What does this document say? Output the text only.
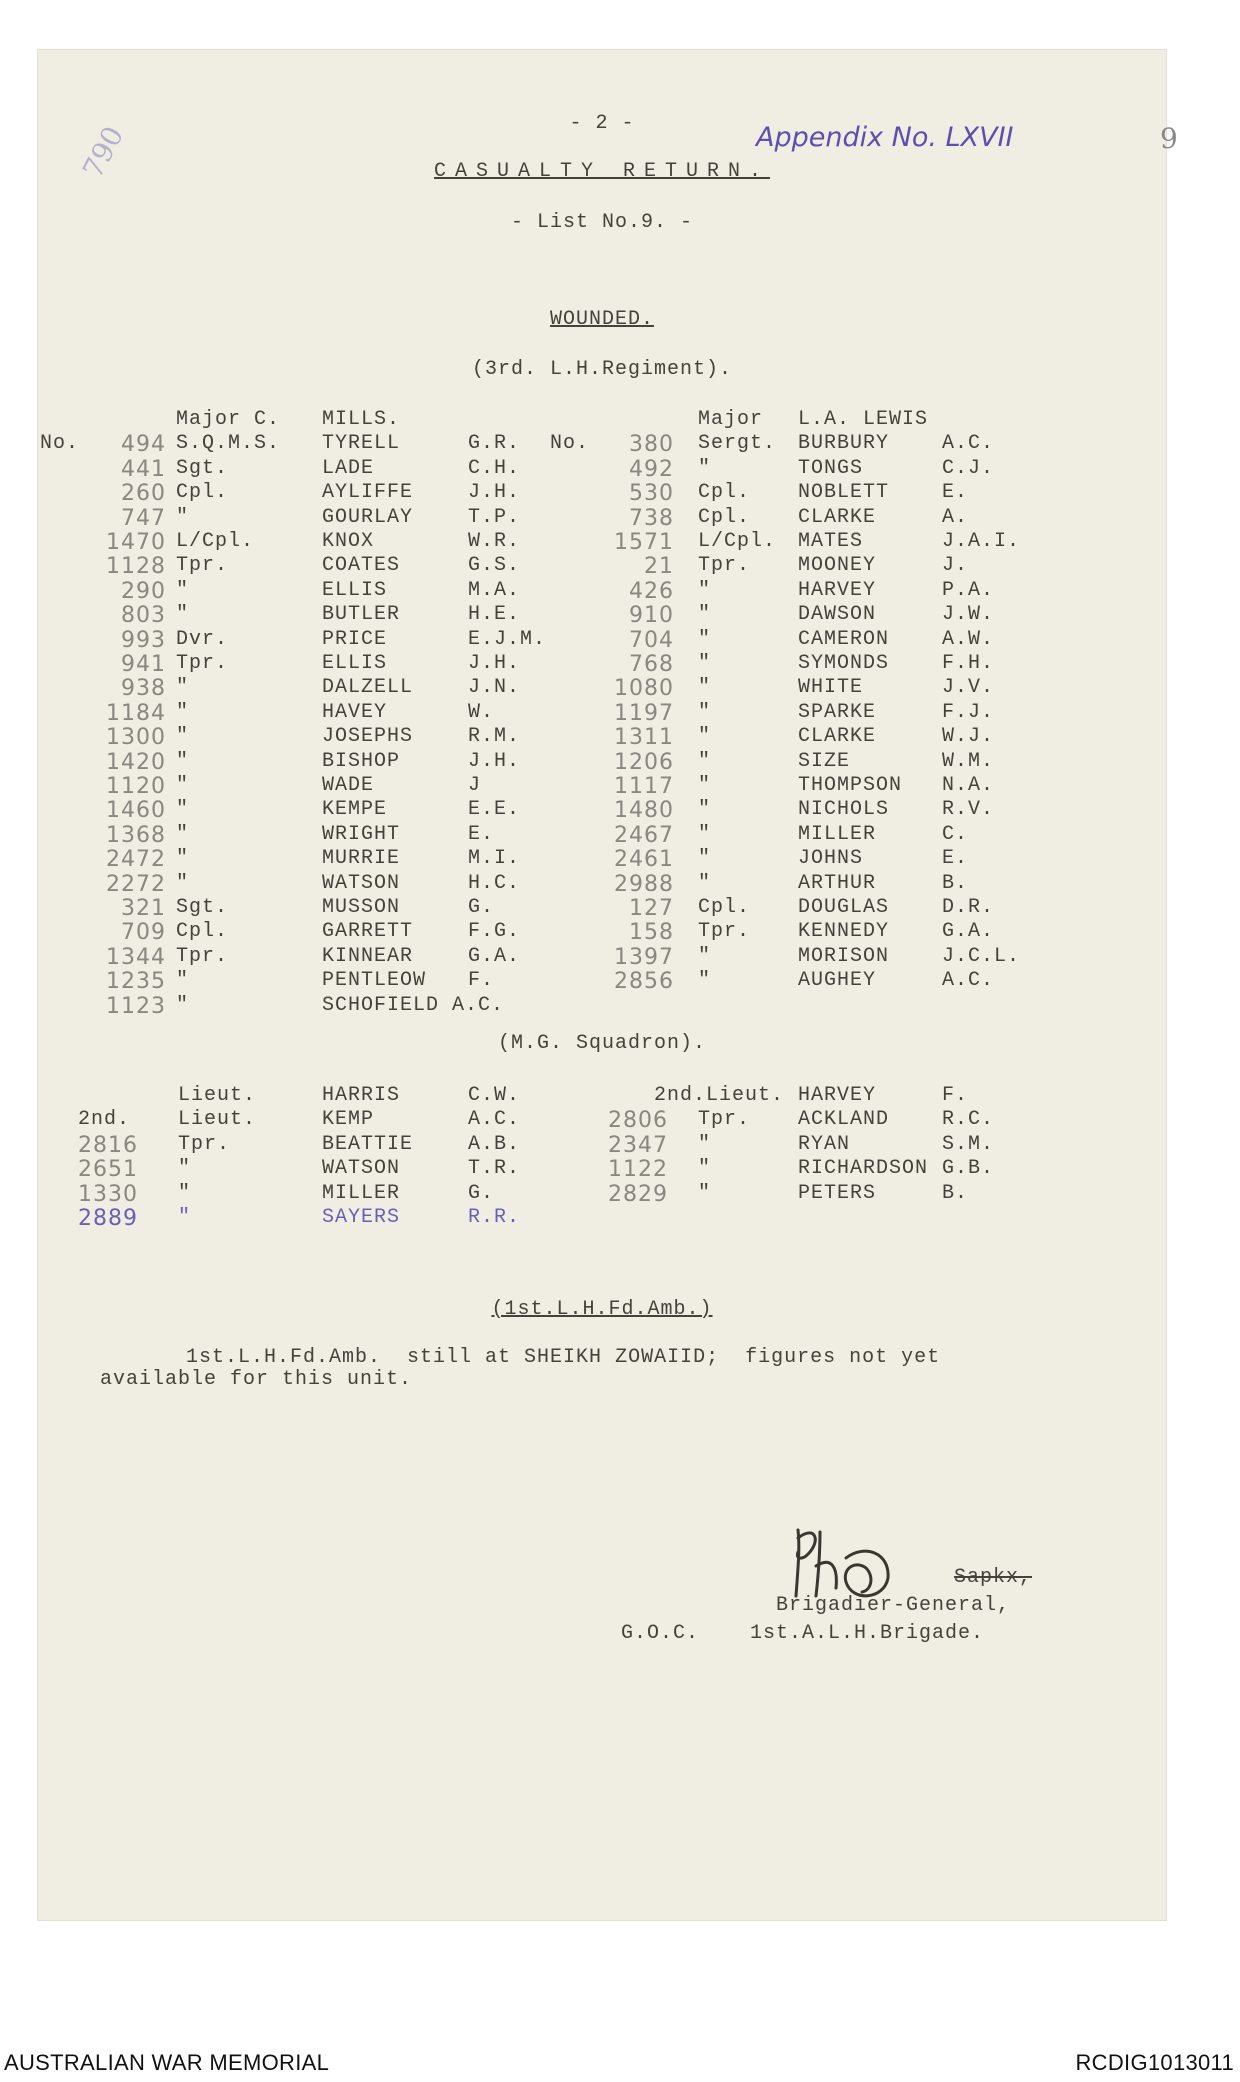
Appendix No. LXVII	9
790	- 2 -
CASUALTY RETURN.
- List No.9. -
WOUNDED.
(3rd. L.H.Regiment).
Major C. MILLS.	Major L.A. LEWIS
No.	No.
494 S.Q.M.S. TYRELL	G.R.	380 Sergt. BURBURY	A.C.
441 Sgt.	LADE	C.H.	492 "	TONGS	C.J.
260 Cpl.	AYLIFFE	J.H.	530 Cpl. NOBLETT	E.
747 "	GOURLAY	T.P.	738 Cpl. CLARKE	A.
1470 L/Cpl.	KNOX	W.R.	1571 L/Cpl. MATES	J.A.I.
1128 Tpr.	COATES	G.S.	21 Tpr. MOONEY	J.
290 "	ELLIS	M.A.	426 "	HARVEY	P.A.
803 "	BUTLER	H.E.	910 "	DAWSON	J.W.
993 Dvr.	PRICE	E.J.M.	704 "	CAMERON	A.W.
941 Tpr.	ELLIS	J.H.	768 "	SYMONDS	F.H.
938 "	DALZELL	J.N.	1080 "	WHITE	J.V.
1184 "	HAVEY	W.	1197 "	SPARKE	F.J.
1300 "	JOSEPHS	R.M.	1311 "	CLARKE	W.J.
1420 "	BISHOP	J.H.	1206 "	SIZE	W.M.
1120 "	WADE	J	1117 "	THOMPSON N.A.
1460 "	KEMPE	E.E.	1480 "	NICHOLS	R.V.
1368 "	WRIGHT	E.	2467 "	MILLER	C.
2472 "	MURRIE	M.I.	2461 "	JOHNS	E.
2272 "	WATSON	H.C.	2988 "	ARTHUR	B.
321 Sgt.	MUSSON	G.	127 Cpl. DOUGLAS	D.R.
709 Cpl.	GARRETT	F.G.	158 Tpr. KENNEDY	G.A.
1344 Tpr.	KINNEAR	G.A.	1397 "	MORISON	J.C.L.
1235 "	PENTLEOW F.	2856 "	AUGHEY	A.C.
1123 "	SCHOFIELD A.C.
(M.G. Squadron).
Lieut.	HARRIS	C.W.	2nd.Lieut. HARVEY	F.
2nd.	Lieut.	KEMP	A.C.	2806 Tpr. ACKLAND	R.C.
2816	Tpr.	BEATTIE	A.B.	2347 "	RYAN	S.M.
2651	"	WATSON	T.R.	1122 "	RICHARDSON G.B.
1330	"	MILLER	G.	2829 "	PETERS	B.
2889	"	SAYERS	R.R.
(1st.L.H.Fd.Amb.)
1st.L.H.Fd.Amb.  still at SHEIKH ZOWAIID;  figures not yet
available for this unit.
Sapkx,
Brigadier-General,
G.O.C.	1st.A.L.H.Brigade.
AUSTRALIAN WAR MEMORIAL	RCDIG1013011
